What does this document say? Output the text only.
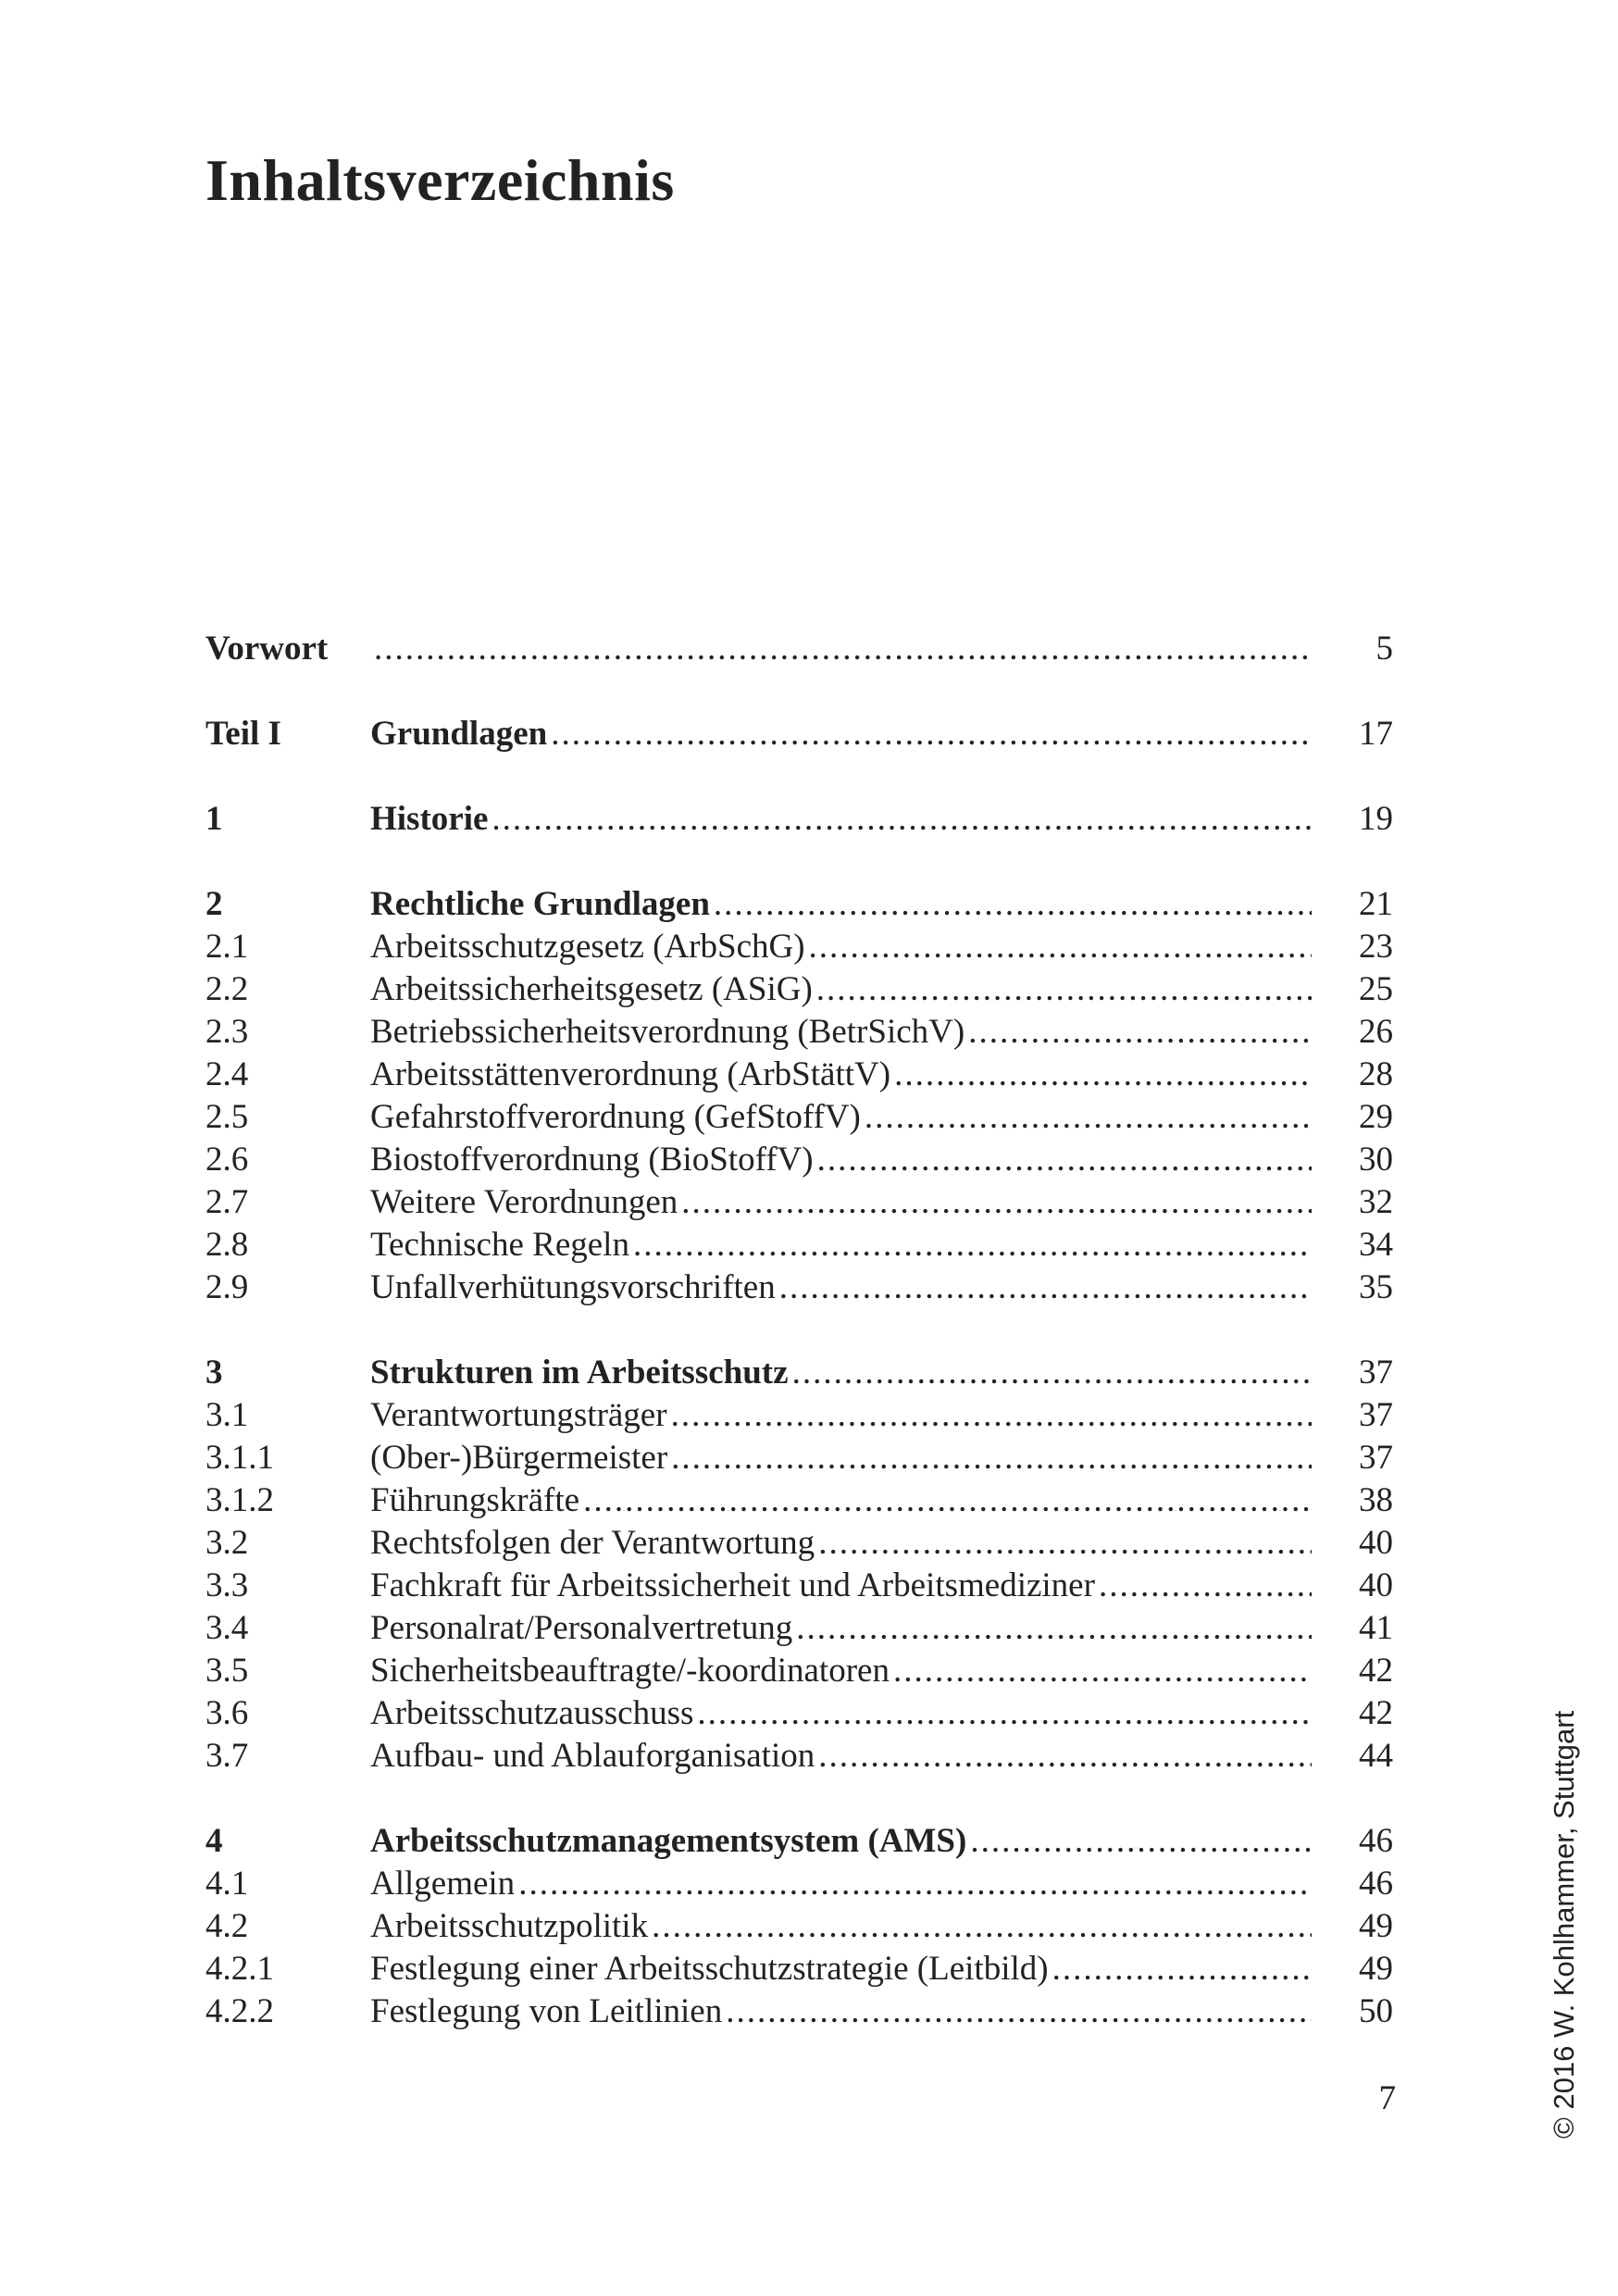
Inhaltsverzeichnis
Vorwort .....	5
Teil I	Grundlagen .....	17
1	Historie .....	19
2	Rechtliche Grundlagen .....	21
2.1	Arbeitsschutzgesetz (ArbSchG) .....	23
2.2	Arbeitssicherheitsgesetz (ASiG) .....	25
2.3	Betriebssicherheitsverordnung (BetrSichV) .....	26
2.4	Arbeitsstättenverordnung (ArbStättV) .....	28
2.5	Gefahrstoffverordnung (GefStoffV) .....	29
2.6	Biostoffverordnung (BioStoffV) .....	30
2.7	Weitere Verordnungen .....	32
2.8	Technische Regeln .....	34
2.9	Unfallverhütungsvorschriften .....	35
3	Strukturen im Arbeitsschutz .....	37
3.1	Verantwortungsträger .....	37
3.1.1	(Ober-)Bürgermeister .....	37
3.1.2	Führungskräfte .....	38
3.2	Rechtsfolgen der Verantwortung .....	40
3.3	Fachkraft für Arbeitssicherheit und Arbeitsmediziner .....	40
3.4	Personalrat/Personalvertretung .....	41
3.5	Sicherheitsbeauftragte/-koordinatoren .....	42
3.6	Arbeitsschutzausschuss .....	42
3.7	Aufbau- und Ablauforganisation .....	44
4	Arbeitsschutzmanagementsystem (AMS) .....	46
4.1	Allgemein .....	46
4.2	Arbeitsschutzpolitik .....	49
4.2.1	Festlegung einer Arbeitsschutzstrategie (Leitbild) .....	49
4.2.2	Festlegung von Leitlinien .....	50
7	© 2016 W. Kohlhammer, Stuttgart
